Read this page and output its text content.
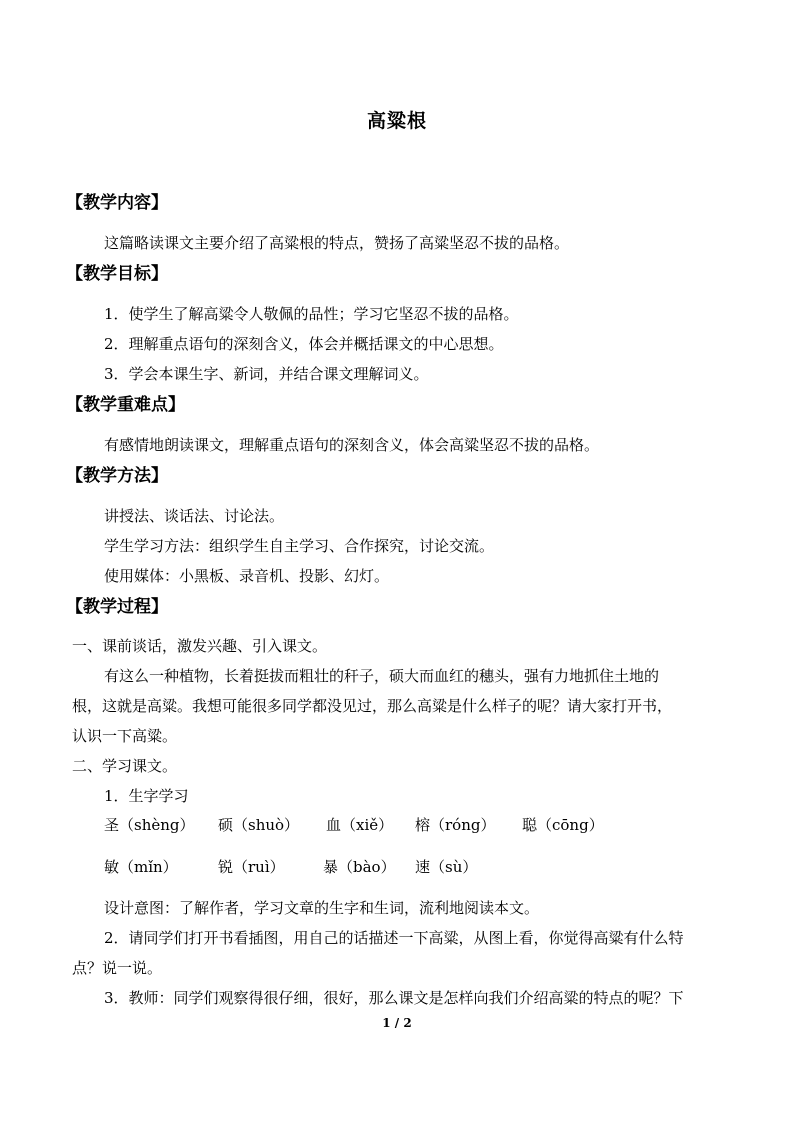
高粱根
【教学内容】
这篇略读课文主要介绍了高粱根的特点，赞扬了高粱坚忍不拔的品格。
【教学目标】
1．使学生了解高粱令人敬佩的品性；学习它坚忍不拔的品格。
2．理解重点语句的深刻含义，体会并概括课文的中心思想。
3．学会本课生字、新词，并结合课文理解词义。
【教学重难点】
有感情地朗读课文，理解重点语句的深刻含义，体会高粱坚忍不拔的品格。
【教学方法】
讲授法、谈话法、讨论法。
学生学习方法：组织学生自主学习、合作探究，讨论交流。
使用媒体：小黑板、录音机、投影、幻灯。
【教学过程】
一、课前谈话，激发兴趣、引入课文。
有这么一种植物，长着挺拔而粗壮的秆子，硕大而血红的穗头，强有力地抓住土地的
根，这就是高粱。我想可能很多同学都没见过，那么高粱是什么样子的呢？请大家打开书，
认识一下高粱。
二、学习课文。
1．生字学习
圣（shèng） 硕（shuò） 血（xiě） 榕（róng） 聪（cōng）
敏（mǐn）	锐（ruì）	暴（bào） 速（sù）
设计意图：了解作者，学习文章的生字和生词，流利地阅读本文。
2．请同学们打开书看插图，用自己的话描述一下高粱，从图上看，你觉得高粱有什么特
点？说一说。
3．教师：同学们观察得很仔细，很好，那么课文是怎样向我们介绍高粱的特点的呢？下
1 / 2
